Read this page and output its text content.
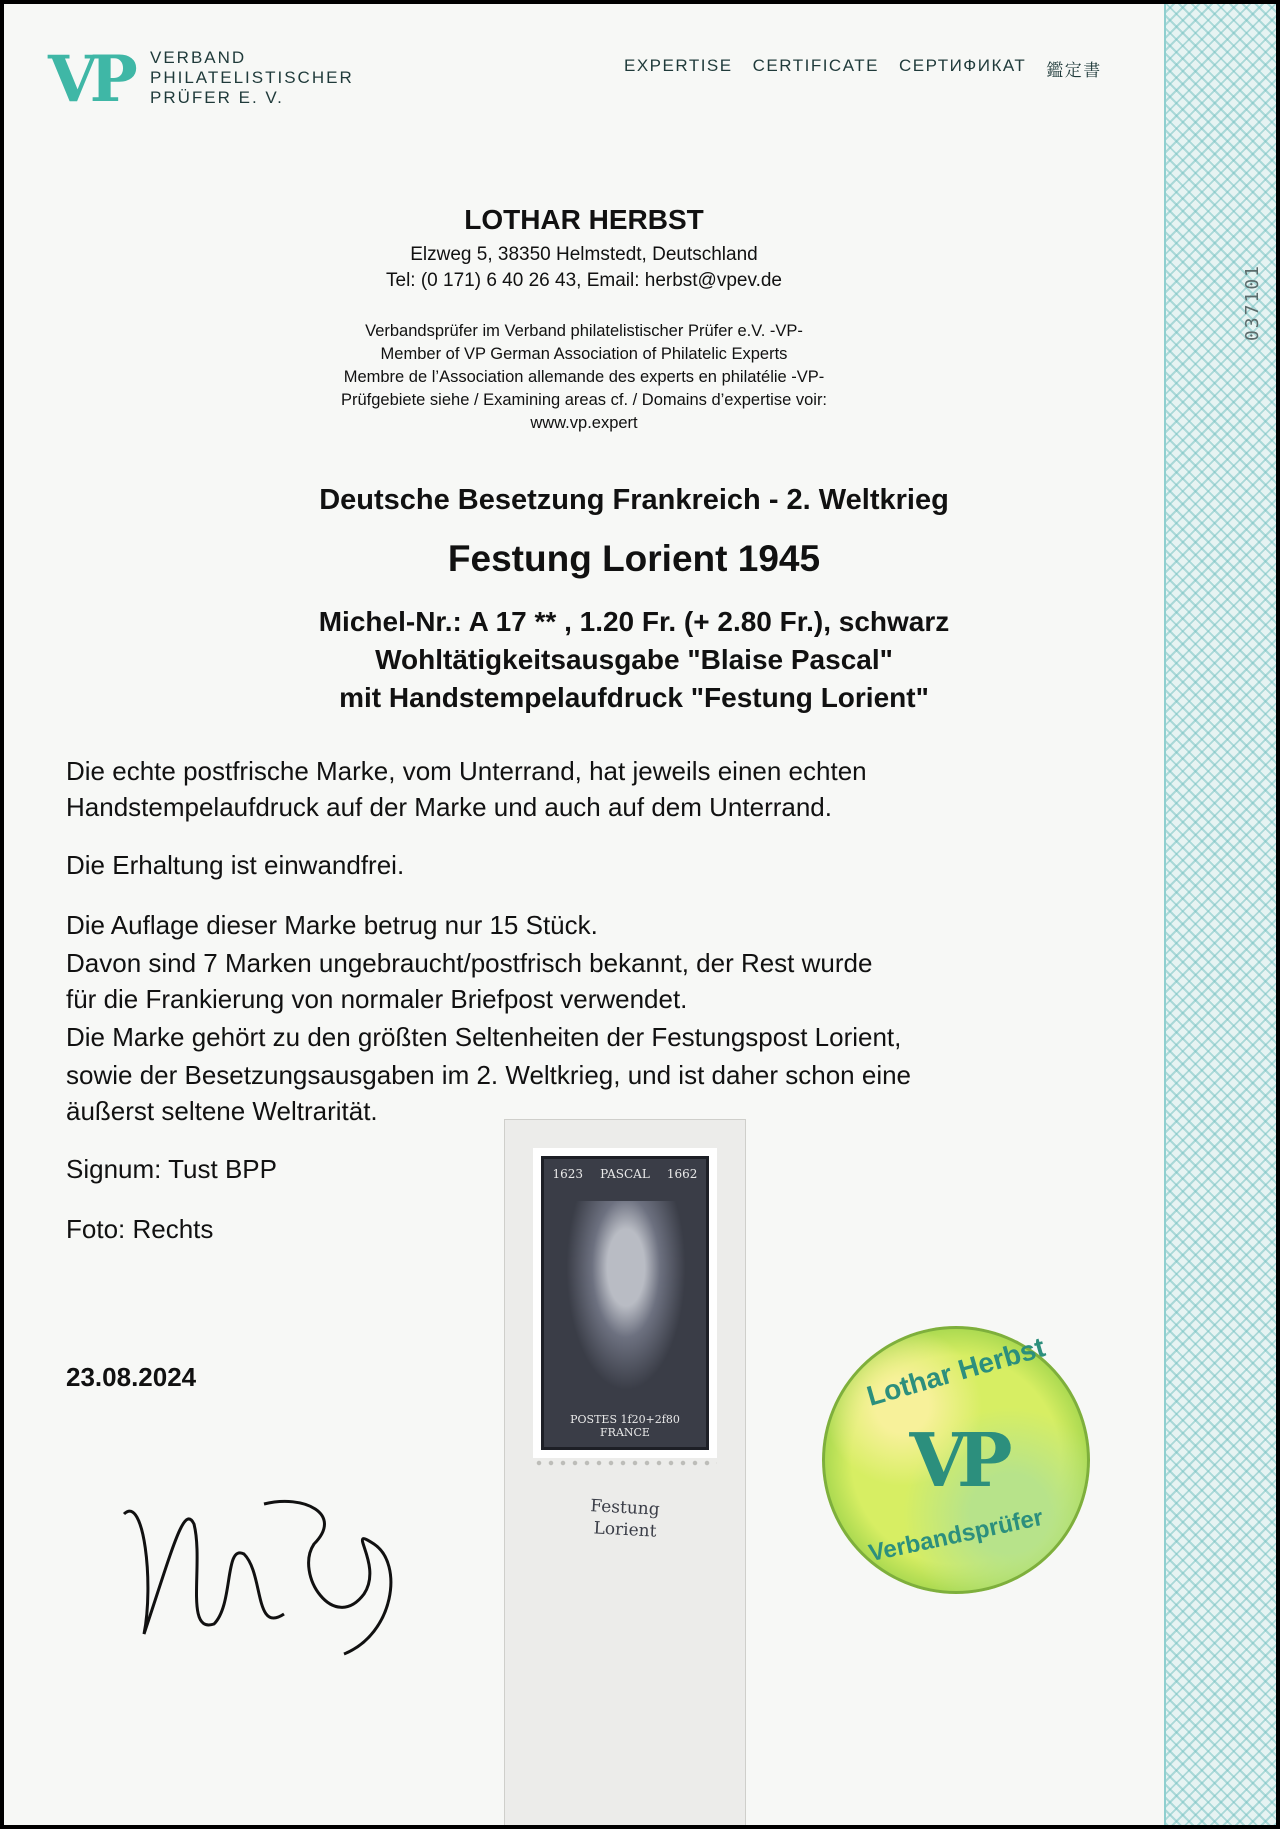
037101
VP VERBAND
PHILATELISTISCHER
PRÜFER E. V.
EXPERTISE CERTIFICATE СЕРТИФИКАТ 鑑定書
LOTHAR HERBST
Elzweg 5, 38350 Helmstedt, Deutschland
Tel: (0 171) 6 40 26 43, Email: herbst@vpev.de
Verbandsprüfer im Verband philatelistischer Prüfer e.V. -VP-
Member of VP German Association of Philatelic Experts
Membre de l’Association allemande des experts en philatélie -VP-
Prüfgebiete siehe / Examining areas cf. / Domains d’expertise voir:
www.vp.expert
Deutsche Besetzung Frankreich - 2. Weltkrieg
Festung Lorient 1945
Michel-Nr.: A 17 ** , 1.20 Fr. (+ 2.80 Fr.), schwarz
Wohltätigkeitsausgabe "Blaise Pascal"
mit Handstempelaufdruck "Festung Lorient"
Die echte postfrische Marke, vom Unterrand, hat jeweils einen echten
Handstempelaufdruck auf der Marke und auch auf dem Unterrand.
Die Erhaltung ist einwandfrei.
Die Auflage dieser Marke betrug nur 15 Stück.
Davon sind 7 Marken ungebraucht/postfrisch bekannt, der Rest wurde
für die Frankierung von normaler Briefpost verwendet.
Die Marke gehört zu den größten Seltenheiten der Festungspost Lorient,
sowie der Besetzungsausgaben im 2. Weltkrieg, und ist daher schon eine
äußerst seltene Weltrarität.
Signum: Tust BPP
Foto: Rechts
23.08.2024
1623 PASCAL 1662
POSTES 1f20+2f80 FRANCE
Festung
Lorient
Lothar Herbst
VP
Verbandsprüfer
